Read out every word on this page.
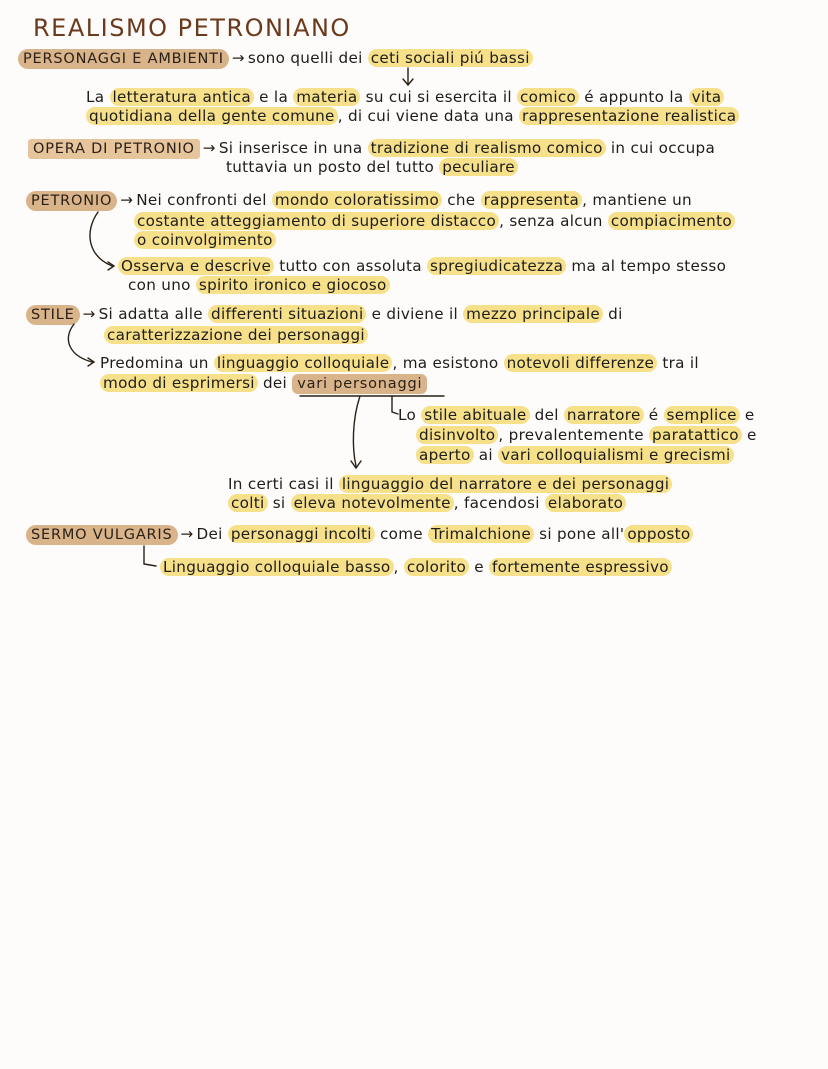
REALISMO PETRONIANO
PERSONAGGI E AMBIENTI → sono quelli dei ceti sociali piú bassi
La letteratura antica e la materia su cui si esercita il comico é appunto la vita
quotidiana della gente comune , di cui viene data una rappresentazione realistica
OPERA DI PETRONIO → Si inserisce in una tradizione di realismo comico in cui occupa
tuttavia un posto del tutto peculiare
PETRONIO → Nei confronti del mondo coloratissimo che rappresenta , mantiene un
costante atteggiamento di superiore distacco , senza alcun compiacimento
o coinvolgimento
Osserva e descrive tutto con assoluta spregiudicatezza ma al tempo stesso
con uno spirito ironico e giocoso
STILE → Si adatta alle differenti situazioni e diviene il mezzo principale di
caratterizzazione dei personaggi
Predomina un linguaggio colloquiale , ma esistono notevoli differenze tra il
modo di esprimersi dei vari personaggi
Lo stile abituale del narratore é semplice e
disinvolto , prevalentemente paratattico e
aperto ai vari colloquialismi e grecismi
In certi casi il linguaggio del narratore e dei personaggi
colti si eleva notevolmente , facendosi elaborato
SERMO VULGARIS → Dei personaggi incolti come Trimalchione si pone all' opposto
Linguaggio colloquiale basso , colorito e fortemente espressivo
